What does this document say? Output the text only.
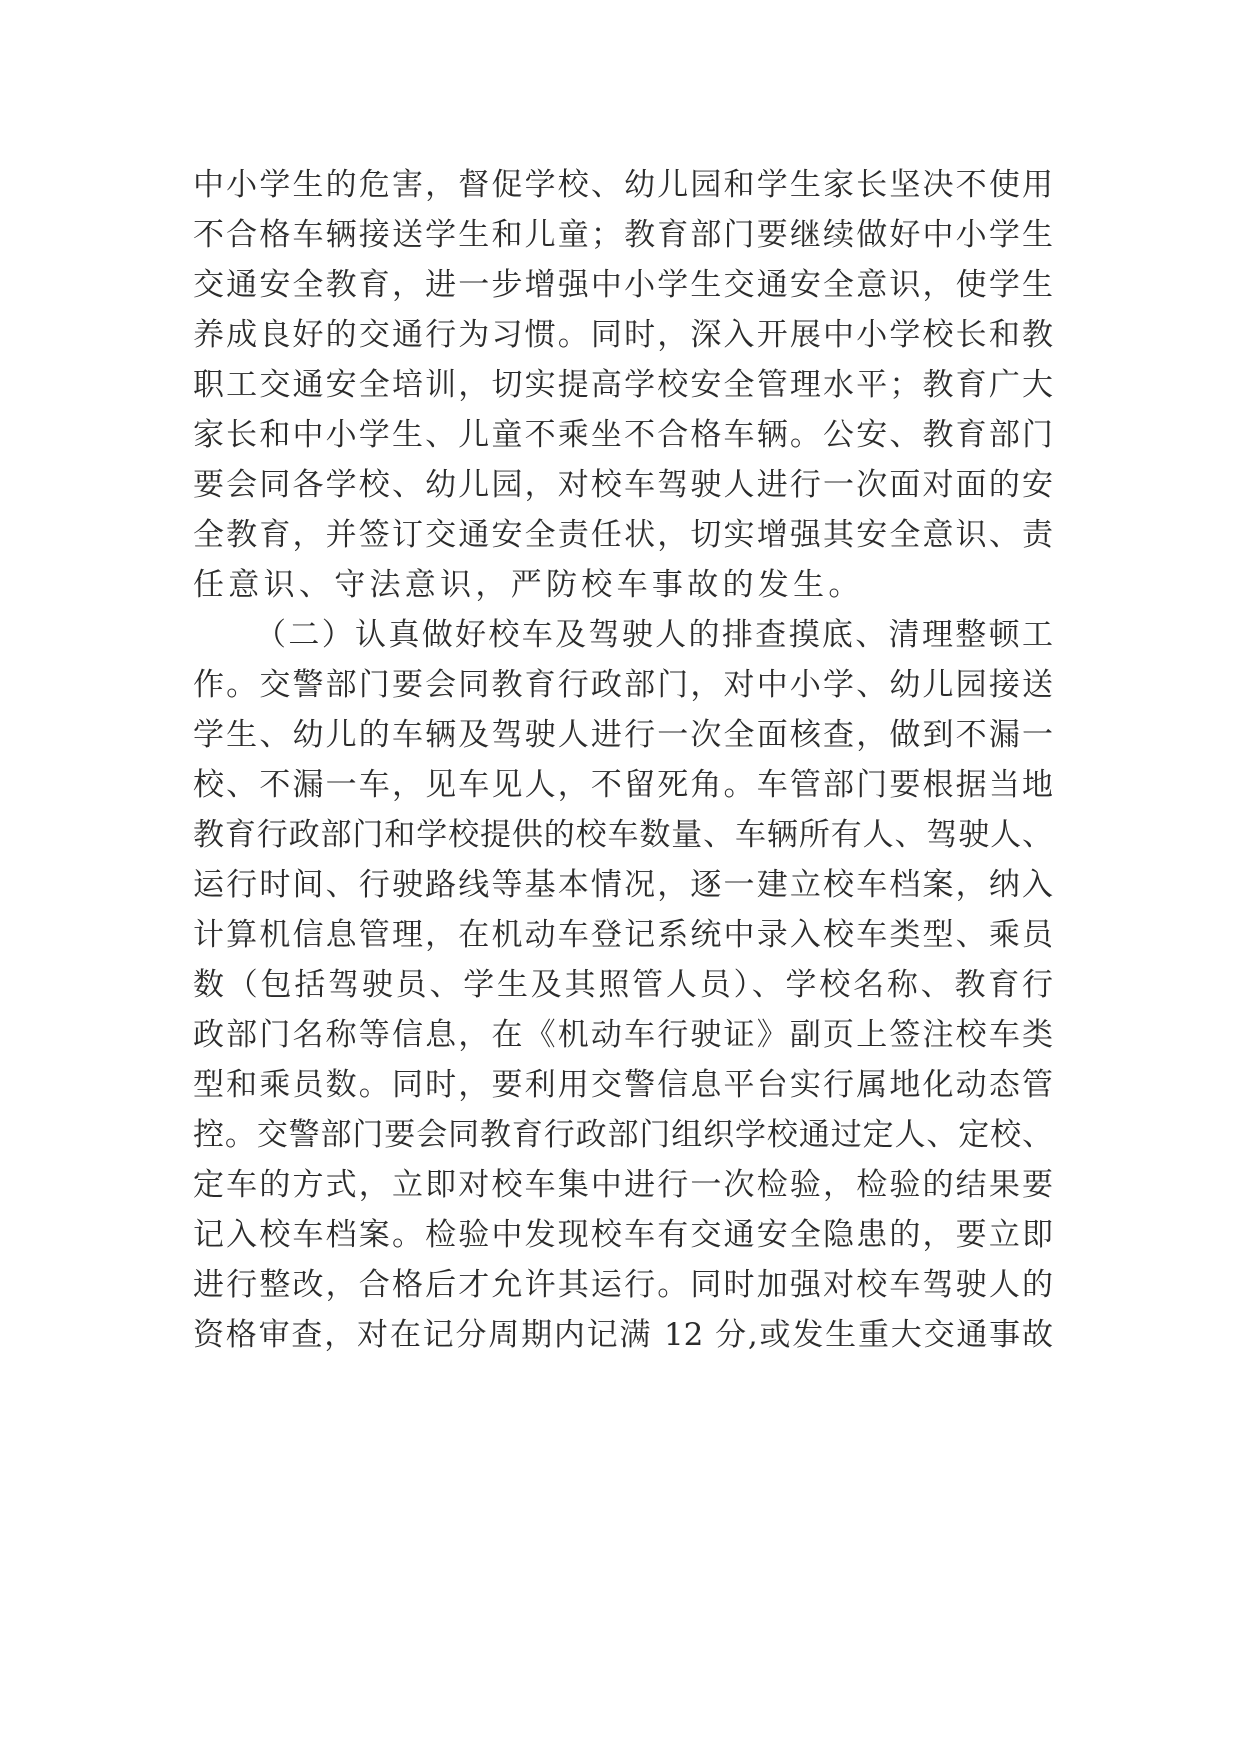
中小学生的危害，督促学校、幼儿园和学生家长坚决不使用
不合格车辆接送学生和儿童；教育部门要继续做好中小学生
交通安全教育，进一步增强中小学生交通安全意识，使学生
养成良好的交通行为习惯。同时，深入开展中小学校长和教
职工交通安全培训，切实提高学校安全管理水平；教育广大
家长和中小学生、儿童不乘坐不合格车辆。公安、教育部门
要会同各学校、幼儿园，对校车驾驶人进行一次面对面的安
全教育，并签订交通安全责任状，切实增强其安全意识、责
任意识、守法意识，严防校车事故的发生。
（二）认真做好校车及驾驶人的排查摸底、清理整顿工
作。交警部门要会同教育行政部门，对中小学、幼儿园接送
学生、幼儿的车辆及驾驶人进行一次全面核查，做到不漏一
校、不漏一车，见车见人，不留死角。车管部门要根据当地
教育行政部门和学校提供的校车数量、车辆所有人、驾驶人、
运行时间、行驶路线等基本情况，逐一建立校车档案，纳入
计算机信息管理，在机动车登记系统中录入校车类型、乘员
数（包括驾驶员、学生及其照管人员）、学校名称、教育行
政部门名称等信息，在《机动车行驶证》副页上签注校车类
型和乘员数。同时，要利用交警信息平台实行属地化动态管
控。交警部门要会同教育行政部门组织学校通过定人、定校、
定车的方式，立即对校车集中进行一次检验，检验的结果要
记入校车档案。检验中发现校车有交通安全隐患的，要立即
进行整改，合格后才允许其运行。同时加强对校车驾驶人的
资格审查，对在记分周期内记满 12 分,或发生重大交通事故
